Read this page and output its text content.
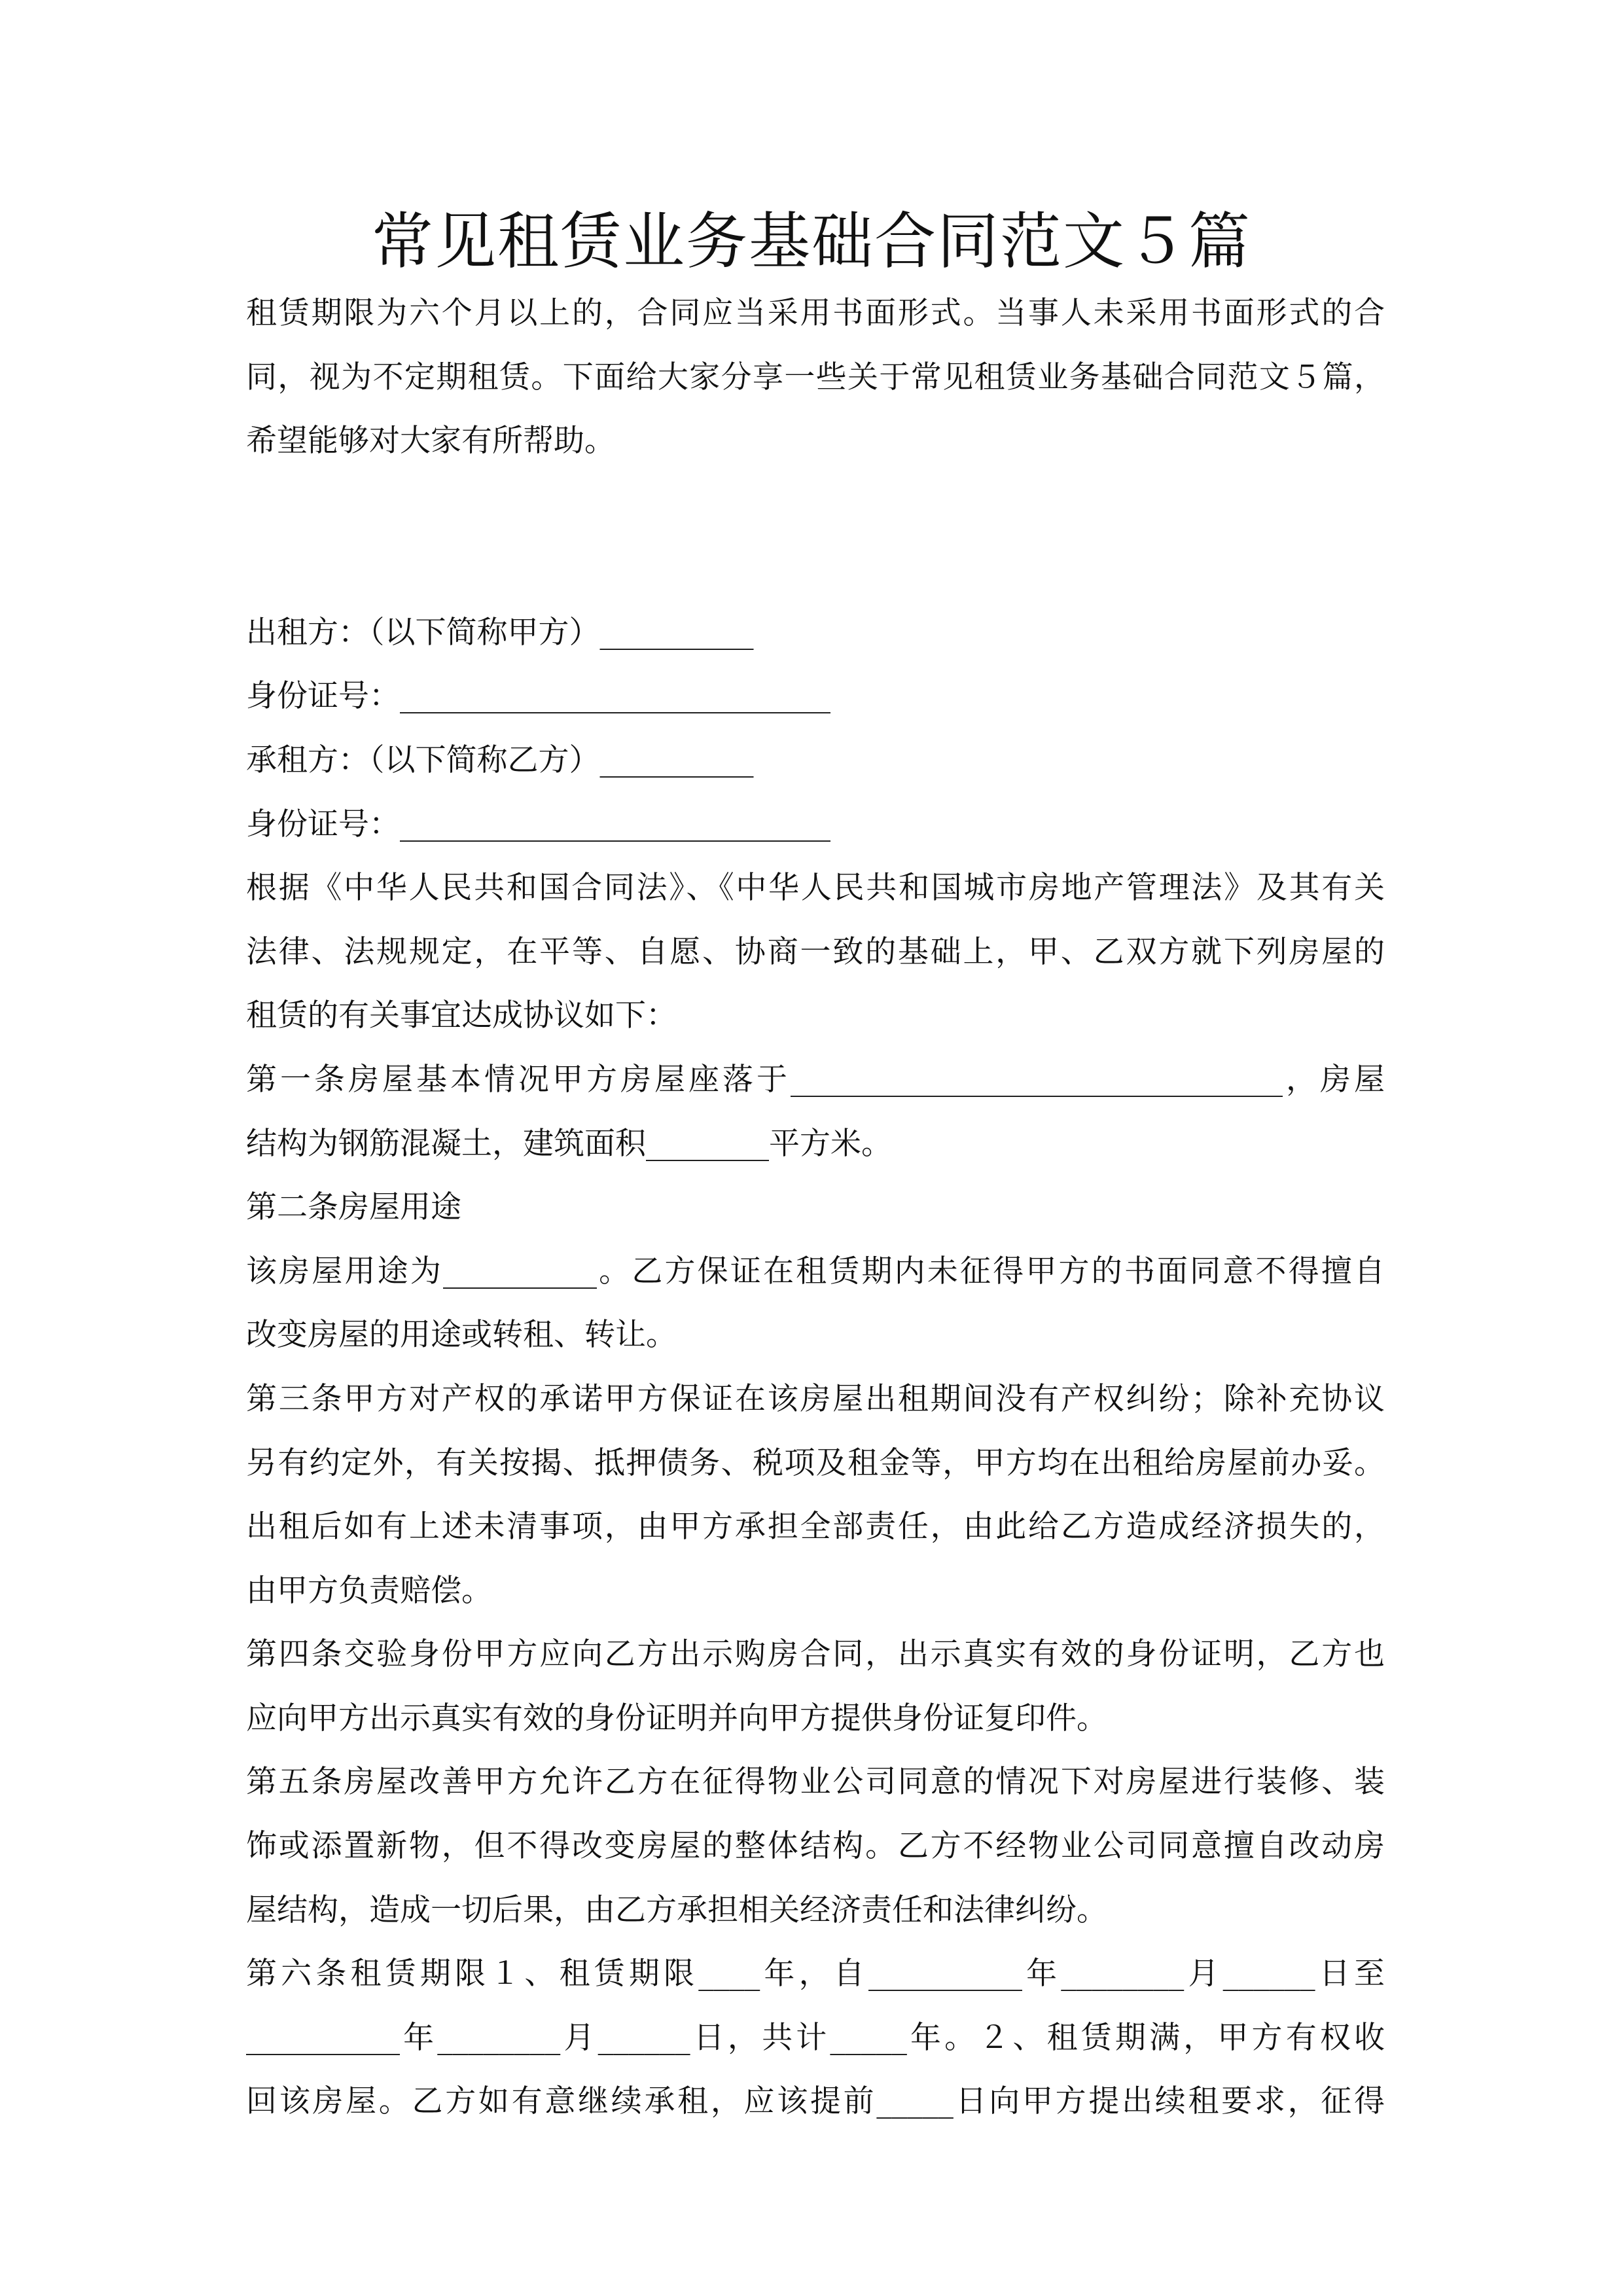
常见租赁业务基础合同范文５篇
租赁期限为六个月以上的，合同应当采用书面形式。当事人未采用书面形式的合
同，视为不定期租赁。下面给大家分享一些关于常见租赁业务基础合同范文５篇，
希望能够对大家有所帮助。
出租方：（以下简称甲方）__________
身份证号：____________________________
承租方：（以下简称乙方）__________
身份证号：____________________________
根据《中华人民共和国合同法》、《中华人民共和国城市房地产管理法》及其有关
法律、法规规定，在平等、自愿、协商一致的基础上，甲、乙双方就下列房屋的
租赁的有关事宜达成协议如下：
第一条房屋基本情况甲方房屋座落于________________________________，房屋
结构为钢筋混凝土，建筑面积________平方米。
第二条房屋用途
该房屋用途为__________。乙方保证在租赁期内未征得甲方的书面同意不得擅自
改变房屋的用途或转租、转让。
第三条甲方对产权的承诺甲方保证在该房屋出租期间没有产权纠纷；除补充协议
另有约定外，有关按揭、抵押债务、税项及租金等，甲方均在出租给房屋前办妥。
出租后如有上述未清事项，由甲方承担全部责任，由此给乙方造成经济损失的，
由甲方负责赔偿。
第四条交验身份甲方应向乙方出示购房合同，出示真实有效的身份证明，乙方也
应向甲方出示真实有效的身份证明并向甲方提供身份证复印件。
第五条房屋改善甲方允许乙方在征得物业公司同意的情况下对房屋进行装修、装
饰或添置新物，但不得改变房屋的整体结构。乙方不经物业公司同意擅自改动房
屋结构，造成一切后果，由乙方承担相关经济责任和法律纠纷。
第六条租赁期限１、租赁期限____年，自__________年________月______日至
__________年________月______日，共计_____年。２、租赁期满，甲方有权收
回该房屋。乙方如有意继续承租，应该提前_____日向甲方提出续租要求，征得
